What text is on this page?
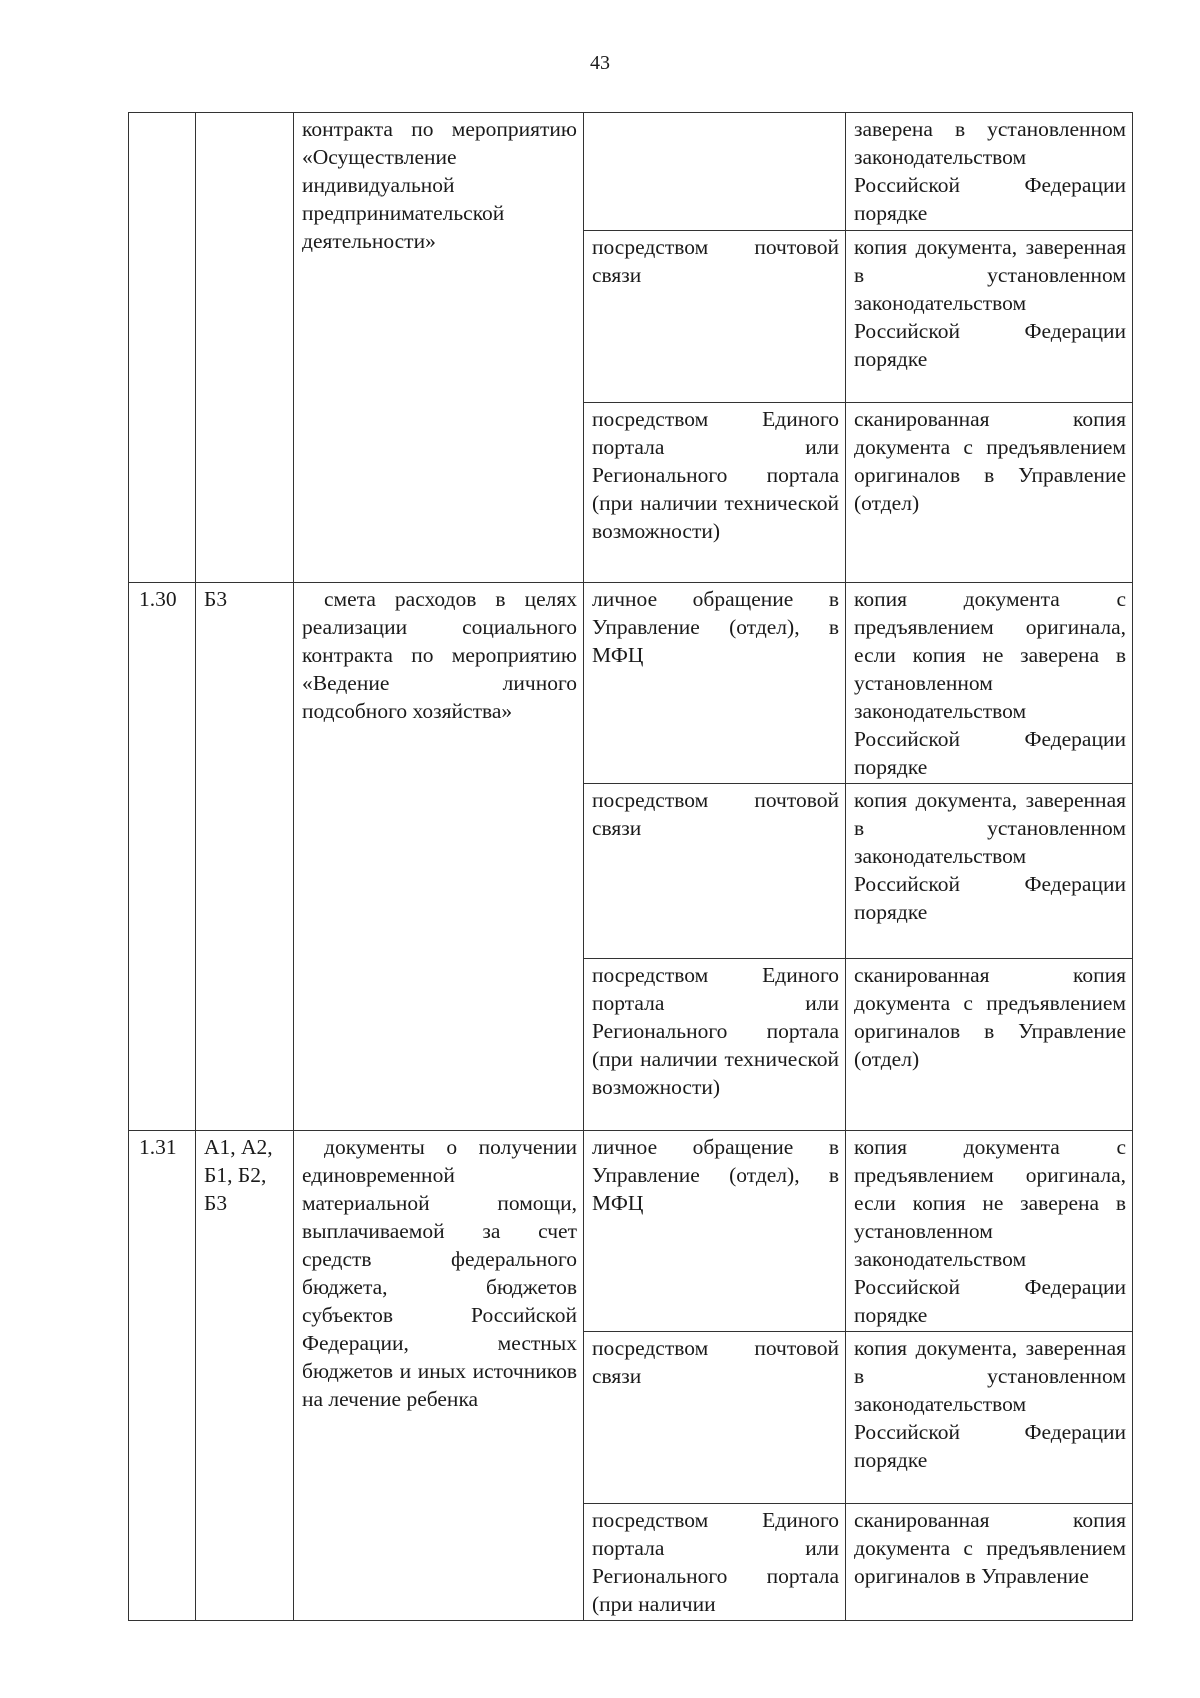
43
		контракта по мероприятию «Осуществление индивидуальной предпринимательской деятельности»		заверена в установленном законодательством Российской Федерации порядке
			посредством почтовой связи	копия документа, заверенная в установленном законодательством Российской Федерации порядке
			посредством Единого портала или Регионального портала (при наличии технической возможности)	сканированная копия документа с предъявлением оригиналов в Управление (отдел)
1.30	Б3	смета расходов в целях реализации социального контракта по мероприятию «Ведение личного подсобного хозяйства»	личное обращение в Управление (отдел), в МФЦ	копия документа с предъявлением оригинала, если копия не заверена в установленном законодательством Российской Федерации порядке
			посредством почтовой связи	копия документа, заверенная в установленном законодательством Российской Федерации порядке
			посредством Единого портала или Регионального портала (при наличии технической возможности)	сканированная копия документа с предъявлением оригиналов в Управление (отдел)
1.31	А1, А2, Б1, Б2, Б3	документы о получении единовременной материальной помощи, выплачиваемой за счет средств федерального бюджета, бюджетов субъектов Российской Федерации, местных бюджетов и иных источников на лечение ребенка	личное обращение в Управление (отдел), в МФЦ	копия документа с предъявлением оригинала, если копия не заверена в установленном законодательством Российской Федерации порядке
			посредством почтовой связи	копия документа, заверенная в установленном законодательством Российской Федерации порядке
			посредством Единого портала или Регионального портала (при наличии	сканированная копия документа с предъявлением оригиналов в Управление
